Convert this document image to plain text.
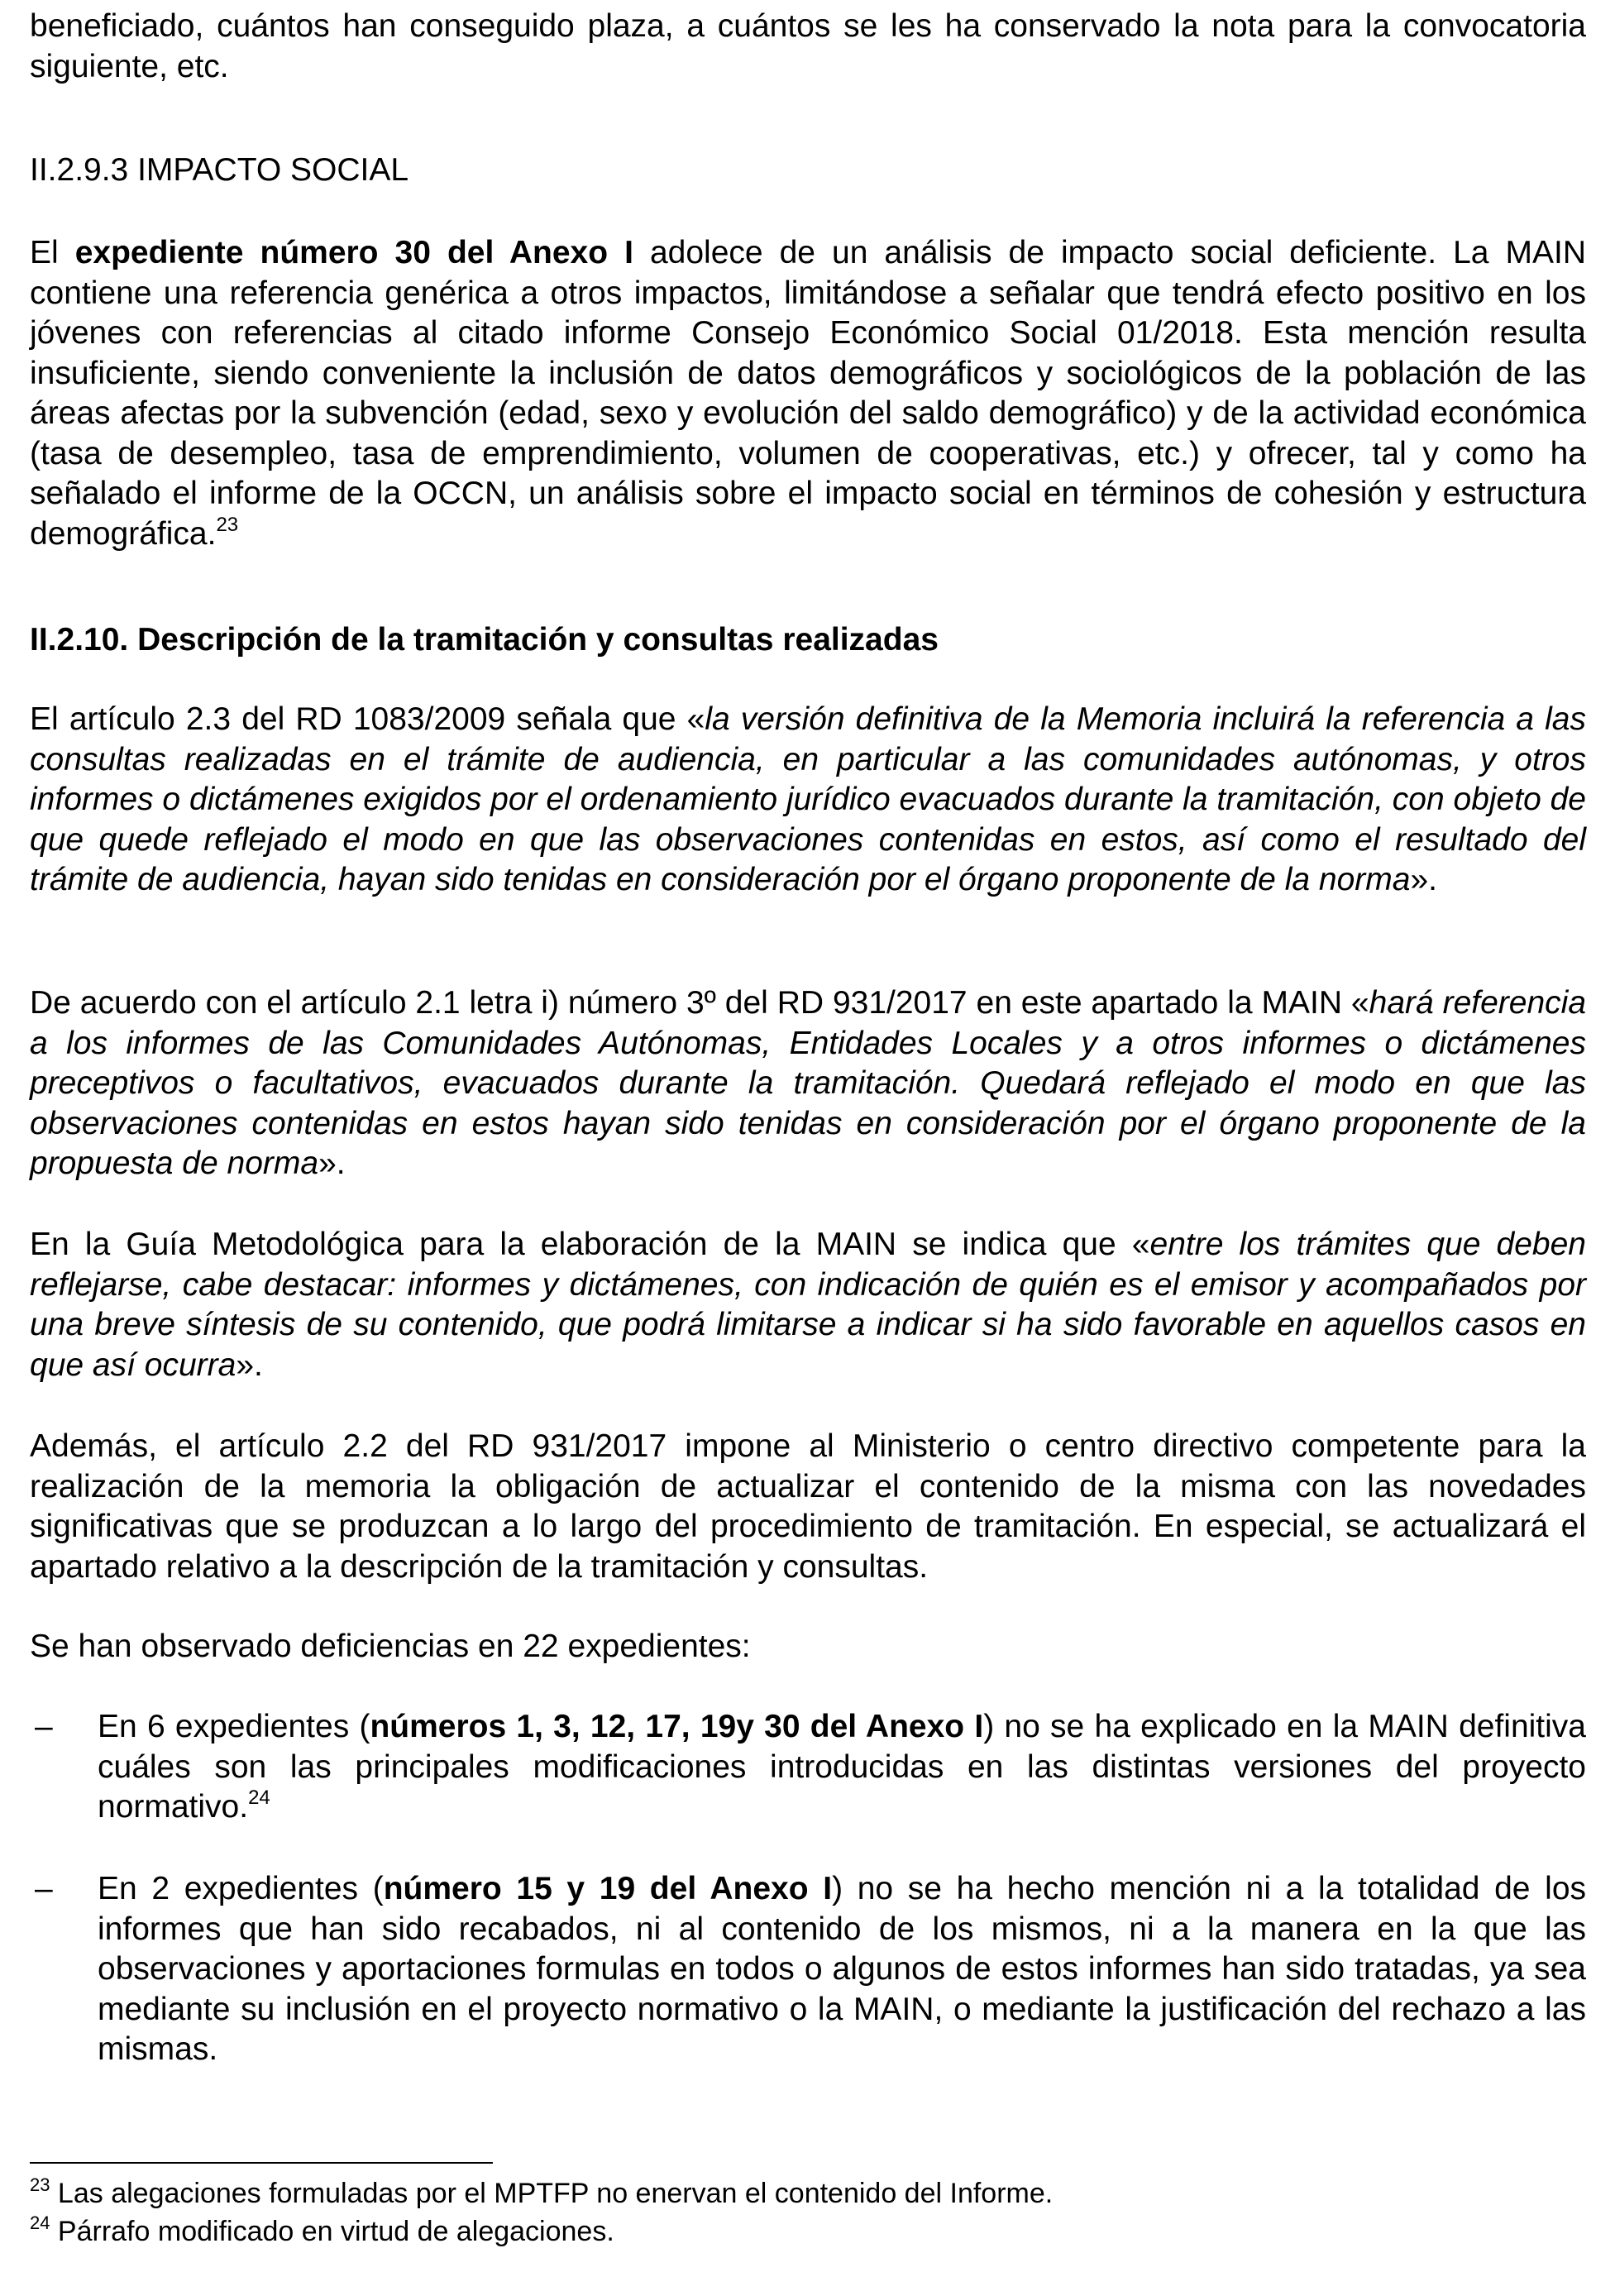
beneficiado, cuántos han conseguido plaza, a cuántos se les ha conservado la nota para la convocatoria siguiente, etc.

II.2.9.3 IMPACTO SOCIAL

El expediente número 30 del Anexo I adolece de un análisis de impacto social deficiente. La MAIN contiene una referencia genérica a otros impactos, limitándose a señalar que tendrá efecto positivo en los jóvenes con referencias al citado informe Consejo Económico Social 01/2018. Esta mención resulta insuficiente, siendo conveniente la inclusión de datos demográficos y sociológicos de la población de las áreas afectas por la subvención (edad, sexo y evolución del saldo demográfico) y de la actividad económica (tasa de desempleo, tasa de emprendimiento, volumen de cooperativas, etc.) y ofrecer, tal y como ha señalado el informe de la OCCN, un análisis sobre el impacto social en términos de cohesión y estructura demográfica.$^{23}$

II.2.10. Descripción de la tramitación y consultas realizadas

El artículo 2.3 del RD 1083/2009 señala que «la versión definitiva de la Memoria incluirá la referencia a las consultas realizadas en el trámite de audiencia, en particular a las comunidades autónomas, y otros informes o dictámenes exigidos por el ordenamiento jurídico evacuados durante la tramitación, con objeto de que quede reflejado el modo en que las observaciones contenidas en estos, así como el resultado del trámite de audiencia, hayan sido tenidas en consideración por el órgano proponente de la norma».

De acuerdo con el artículo 2.1 letra i) número 3º del RD 931/2017 en este apartado la MAIN «hará referencia a los informes de las Comunidades Autónomas, Entidades Locales y a otros informes o dictámenes preceptivos o facultativos, evacuados durante la tramitación. Quedará reflejado el modo en que las observaciones contenidas en estos hayan sido tenidas en consideración por el órgano proponente de la propuesta de norma».

En la Guía Metodológica para la elaboración de la MAIN se indica que «entre los trámites que deben reflejarse, cabe destacar: informes y dictámenes, con indicación de quién es el emisor y acompañados por una breve síntesis de su contenido, que podrá limitarse a indicar si ha sido favorable en aquellos casos en que así ocurra».

Además, el artículo 2.2 del RD 931/2017 impone al Ministerio o centro directivo competente para la realización de la memoria la obligación de actualizar el contenido de la misma con las novedades significativas que se produzcan a lo largo del procedimiento de tramitación. En especial, se actualizará el apartado relativo a la descripción de la tramitación y consultas.

Se han observado deficiencias en 22 expedientes:

– En 6 expedientes (números 1, 3, 12, 17, 19y 30 del Anexo I) no se ha explicado en la MAIN definitiva cuáles son las principales modificaciones introducidas en las distintas versiones del proyecto normativo.$^{24}$

– En 2 expedientes (número 15 y 19 del Anexo I) no se ha hecho mención ni a la totalidad de los informes que han sido recabados, ni al contenido de los mismos, ni a la manera en la que las observaciones y aportaciones formulas en todos o algunos de estos informes han sido tratadas, ya sea mediante su inclusión en el proyecto normativo o la MAIN, o mediante la justificación del rechazo a las mismas.

$^{23}$ Las alegaciones formuladas por el MPTFP no enervan el contenido del Informe.

$^{24}$ Párrafo modificado en virtud de alegaciones.
